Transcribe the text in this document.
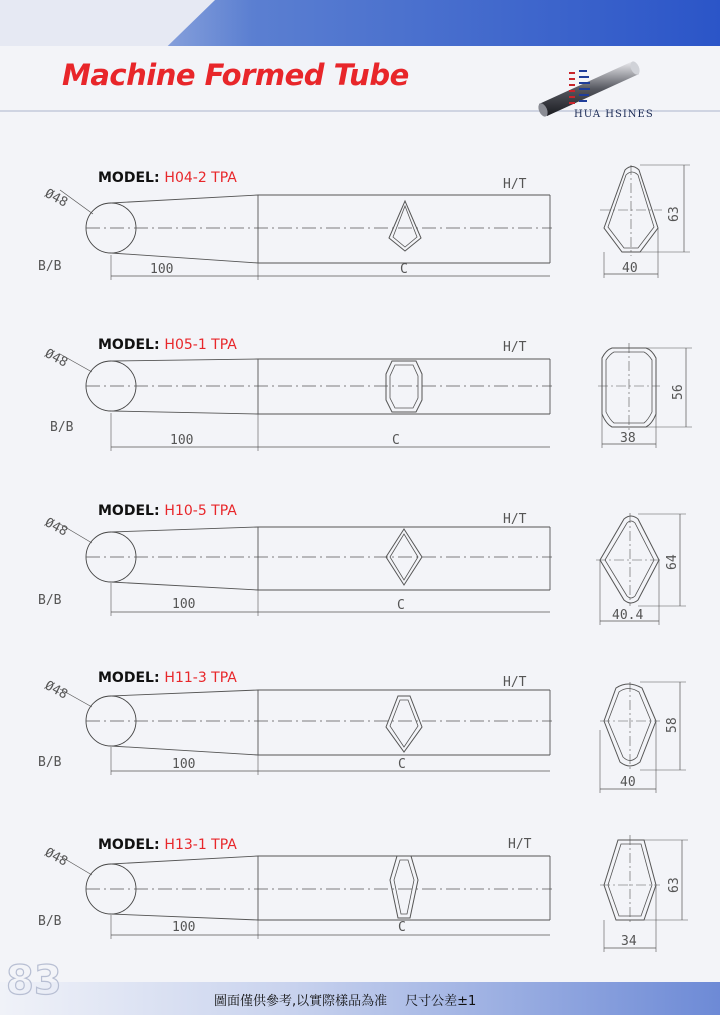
Machine Formed Tube
HUA HSINES
MODEL: H04-2 TPA
MODEL: H05-1 TPA
MODEL: H10-5 TPA
MODEL: H11-3 TPA
MODEL: H13-1 TPA
Ø48
B/B
H/T
100	C	40
63
Ø48
B/B
H/T
100	C	38
56
Ø48
B/B
H/T
100	C
40.4
64
Ø48
B/B
H/T
100	C
40
58
Ø48
B/B
H/T
100	C
34
63
83	圖面僅供參考,以實際樣品為准 尺寸公差±1
